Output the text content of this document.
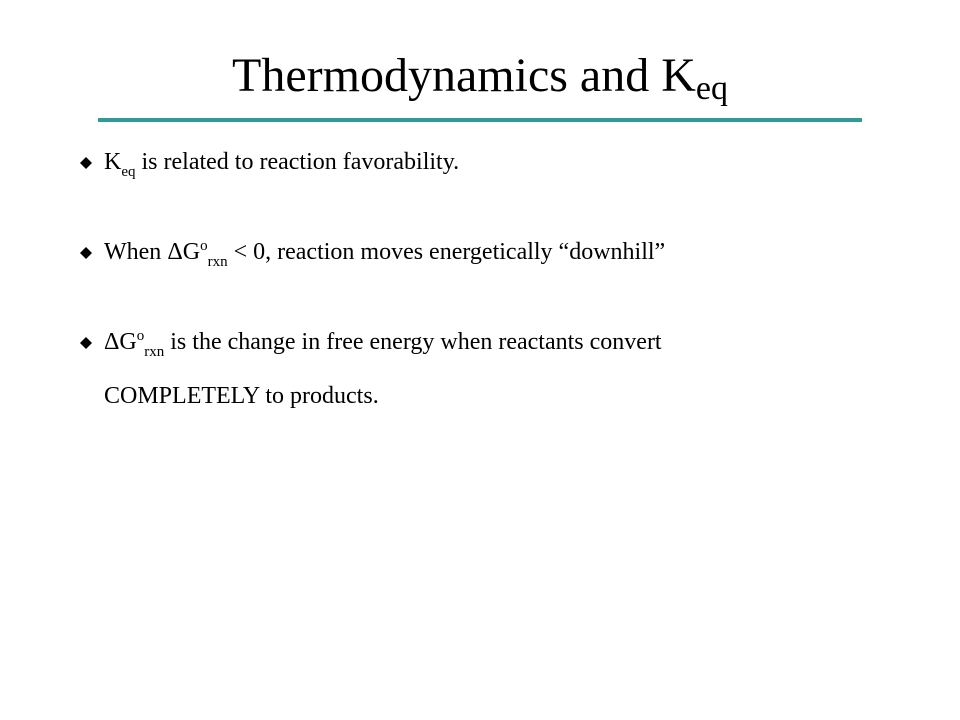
Thermodynamics and $K_{eq}$
$K_{eq}$ is related to reaction favorability.
When $\Delta G^o_{rxn} < 0$, reaction moves energetically “downhill”
$\Delta G^o_{rxn}$ is the change in free energy when reactants convert
COMPLETELY to products.
